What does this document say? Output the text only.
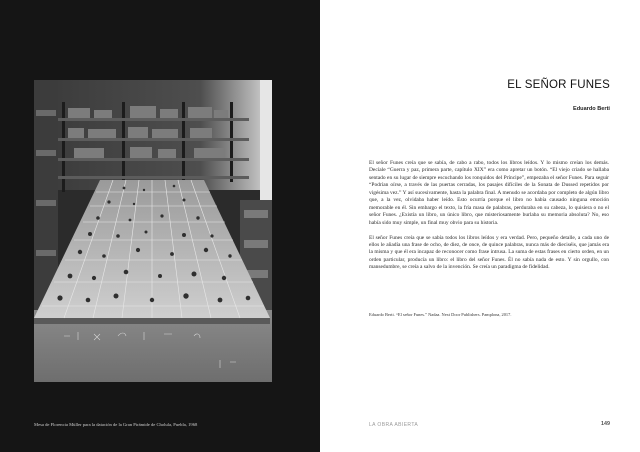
Mesa de Florencia Müller para la datación de la Gran Pirámide de Cholula, Puebla, 1968
EL SEÑOR FUNES
Eduardo Berti

El señor Funes creía que se sabía, de cabo a rabo, todos los libros leídos. Y lo mismo creían los demás. Decíale “Guerra y paz, primera parte, capítulo XIX” era como apretar un botón. “El viejo criado se hallaba sentado en su lugar de siempre escuchando los ronquidos del Príncipe”, empezaba el señor Funes. Para seguir “Podrían oírse, a través de las puertas cerradas, los pasajes difíciles de la Sonata de Dussed repetidos por vigésima vez.” Y así sucesivamente, hasta la palabra final. A menudo se acordaba por completo de algún libro que, a la vez, olvidaba haber leído. Esto ocurría porque el libro no había causado ninguna emoción memorable en él. Sin embargo el texto, la fría masa de palabras, perduraba en su cabeza, lo quisiera o no el señor Funes. ¿Existía un libro, un único libro, que misteriosamente burlaba su memoria absoluta? No, eso había sido muy simple, un final muy obvio para su historia.

El señor Funes creía que se sabía todos los libros leídos y era verdad. Pero, pequeño detalle, a cada uno de ellos le añadía una frase de ocho, de diez, de once, de quince palabras, nunca más de dieciséis, que jamás era la misma y que él era incapaz de reconocer como frase intrusa. La suma de estas frases en cierto orden, en un orden particular, producía un libro: el libro del señor Funes. Él no sabía nada de esto. Y sin orgullo, con mansedumbre, se creía a salvo de la invención. Se creía un paradigma de fidelidad.

Eduardo Berti. “El señor Funes.” Nadaa. Next Door Publishers. Pamplona, 2017.
LA OBRA ABIERTA	149
